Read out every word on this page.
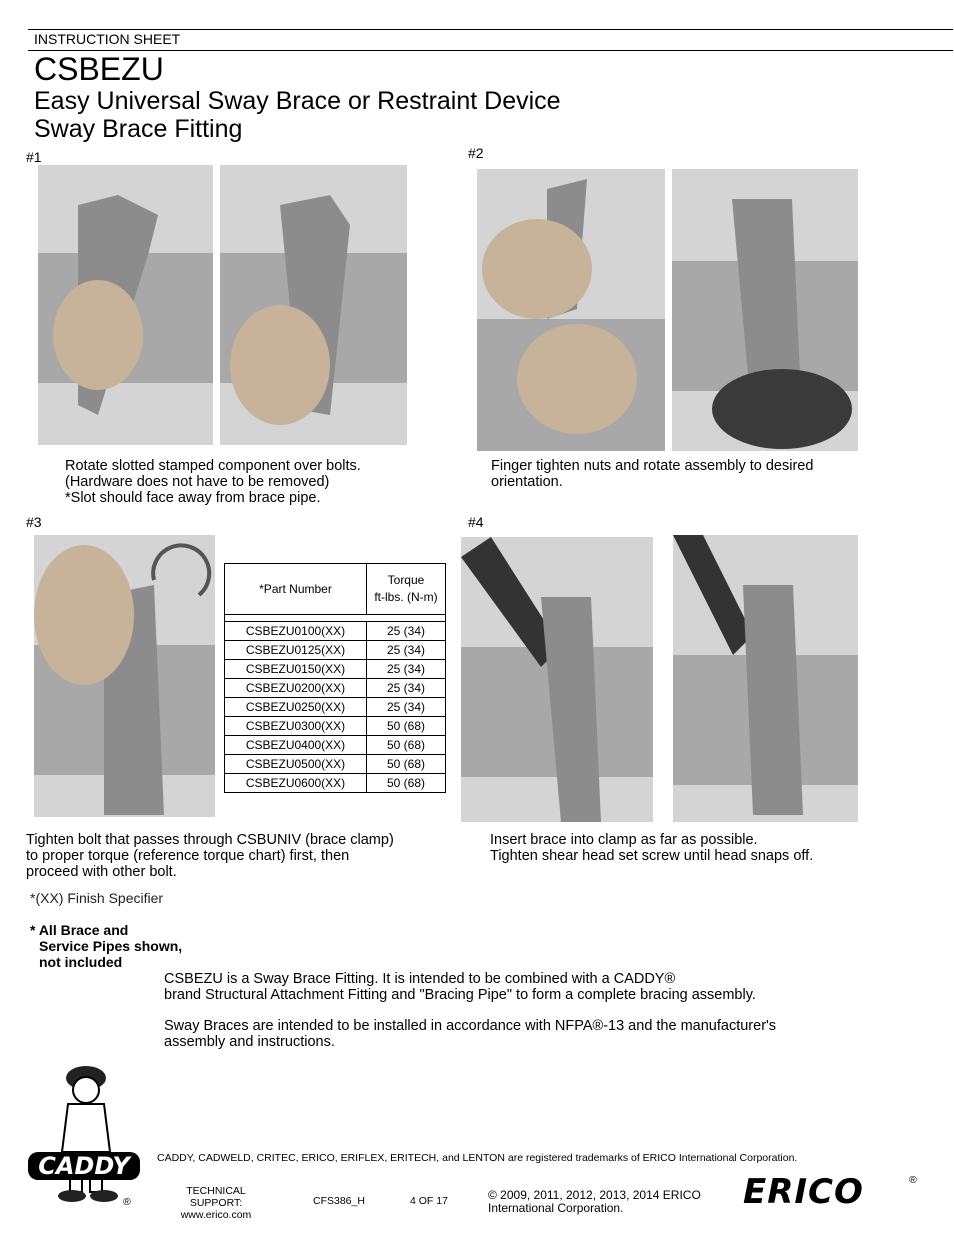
INSTRUCTION SHEET
CSBEZU
Easy Universal Sway Brace or Restraint Device
Sway Brace Fitting
#1	#2
#3	#4
Rotate slotted stamped component over bolts.
(Hardware does not have to be removed)
*Slot should face away from brace pipe.
Finger tighten nuts and rotate assembly to desired
orientation.
Tighten bolt that passes through CSBUNIV (brace clamp)
to proper torque (reference torque chart) first, then
proceed with other bolt.
Insert brace into clamp as far as possible.
Tighten shear head set screw until head snaps off.
*Part Number	Torque
ft-lbs. (N-m)

CSBEZU0100(XX)	25 (34)
CSBEZU0125(XX)	25 (34)
CSBEZU0150(XX)	25 (34)
CSBEZU0200(XX)	25 (34)
CSBEZU0250(XX)	25 (34)
CSBEZU0300(XX)	50 (68)
CSBEZU0400(XX)	50 (68)
CSBEZU0500(XX)	50 (68)
CSBEZU0600(XX)	50 (68)
*(XX) Finish Specifier
* All Brace and
Service Pipes shown,
not included
CSBEZU is a Sway Brace Fitting. It is intended to be combined with a CADDY®
brand Structural Attachment Fitting and "Bracing Pipe" to form a complete bracing assembly.
Sway Braces are intended to be installed in accordance with NFPA®-13 and the manufacturer's
assembly and instructions.
CADDY
®
CADDY, CADWELD, CRITEC, ERICO, ERIFLEX, ERITECH, and LENTON are registered trademarks of ERICO International Corporation.
TECHNICAL SUPPORT:
www.erico.com
CFS386_H	4 OF 17	© 2009, 2011, 2012, 2013, 2014 ERICO
International Corporation.	ERICO	®
